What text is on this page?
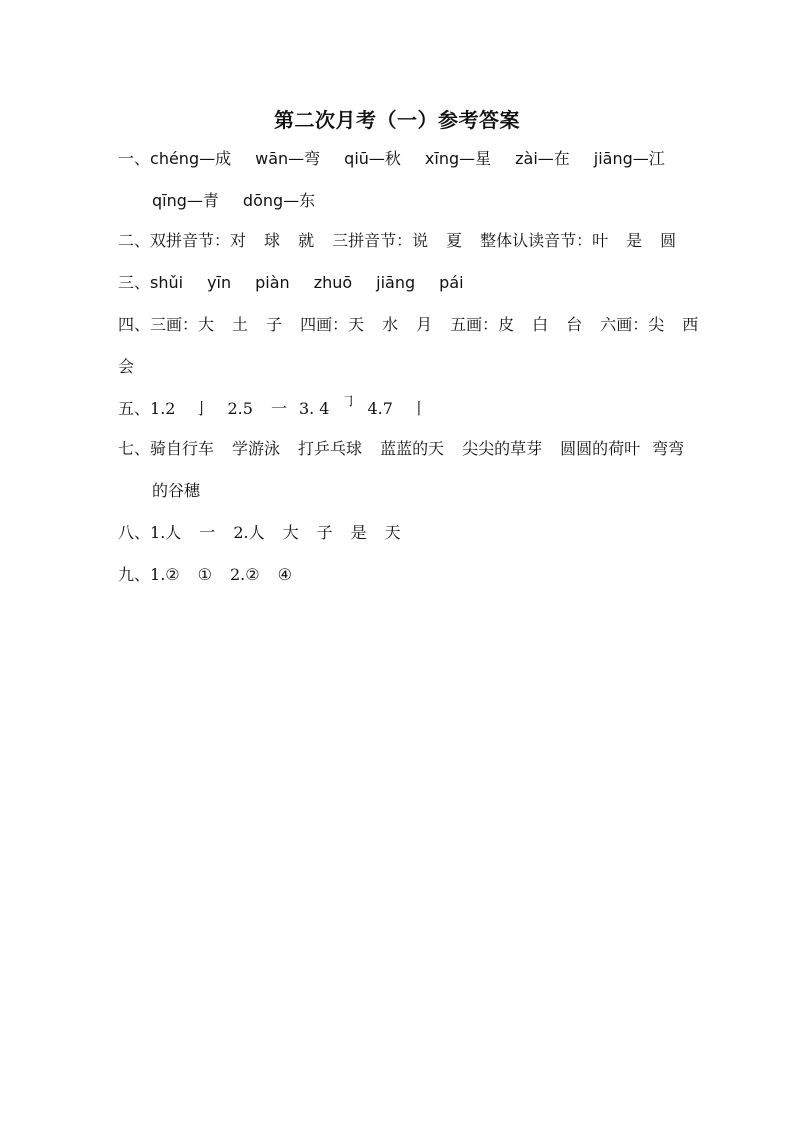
第二次月考（一）参考答案
一、chéng—成 wān—弯 qiū—秋 xīng—星 zài—在 jiāng—江
qīng—青 dōng—东
二、双拼音节：对 球 就 三拼音节：说 夏 整体认读音节：叶 是 圆
三、shǔi yīn piàn zhuō jiāng pái
四、三画：大 土 子 四画：天 水 月 五画：皮 白 台 六画：尖 西
会
五、1.2 亅 2.5 一 3. 4 ㇆ 4.7 丨
七、骑自行车 学游泳 打乒乓球 蓝蓝的天 尖尖的草芽 圆圆的荷叶 弯弯
的谷穗
八、1.人 一 2.人 大 子 是 天
九、1.② ① 2.② ④
